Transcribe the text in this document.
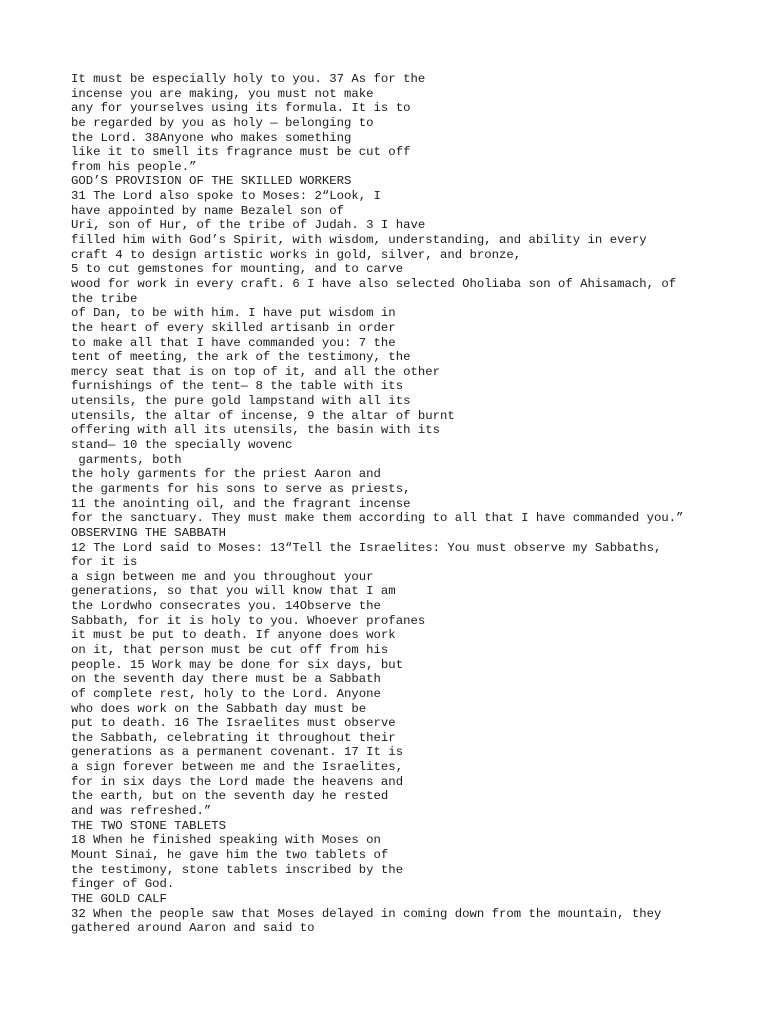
It must be especially holy to you. 37 As for the
incense you are making, you must not make
any for yourselves using its formula. It is to
be regarded by you as holy — belonging to
the Lord. 38Anyone who makes something
like it to smell its fragrance must be cut off
from his people.”
GOD’S PROVISION OF THE SKILLED WORKERS
31 The Lord also spoke to Moses: 2“Look, I
have appointed by name Bezalel son of
Uri, son of Hur, of the tribe of Judah. 3 I have
filled him with God’s Spirit, with wisdom, understanding, and ability in every
craft 4 to design artistic works in gold, silver, and bronze,
5 to cut gemstones for mounting, and to carve
wood for work in every craft. 6 I have also selected Oholiaba son of Ahisamach, of
the tribe
of Dan, to be with him. I have put wisdom in
the heart of every skilled artisanb in order
to make all that I have commanded you: 7 the
tent of meeting, the ark of the testimony, the
mercy seat that is on top of it, and all the other
furnishings of the tent— 8 the table with its
utensils, the pure gold lampstand with all its
utensils, the altar of incense, 9 the altar of burnt
offering with all its utensils, the basin with its
stand— 10 the specially wovenc
garments, both
the holy garments for the priest Aaron and
the garments for his sons to serve as priests,
11 the anointing oil, and the fragrant incense
for the sanctuary. They must make them according to all that I have commanded you.”
OBSERVING THE SABBATH
12 The Lord said to Moses: 13“Tell the Israelites: You must observe my Sabbaths,
for it is
a sign between me and you throughout your
generations, so that you will know that I am
the Lordwho consecrates you. 14Observe the
Sabbath, for it is holy to you. Whoever profanes
it must be put to death. If anyone does work
on it, that person must be cut off from his
people. 15 Work may be done for six days, but
on the seventh day there must be a Sabbath
of complete rest, holy to the Lord. Anyone
who does work on the Sabbath day must be
put to death. 16 The Israelites must observe
the Sabbath, celebrating it throughout their
generations as a permanent covenant. 17 It is
a sign forever between me and the Israelites,
for in six days the Lord made the heavens and
the earth, but on the seventh day he rested
and was refreshed.”
THE TWO STONE TABLETS
18 When he finished speaking with Moses on
Mount Sinai, he gave him the two tablets of
the testimony, stone tablets inscribed by the
finger of God.
THE GOLD CALF
32 When the people saw that Moses delayed in coming down from the mountain, they
gathered around Aaron and said to
